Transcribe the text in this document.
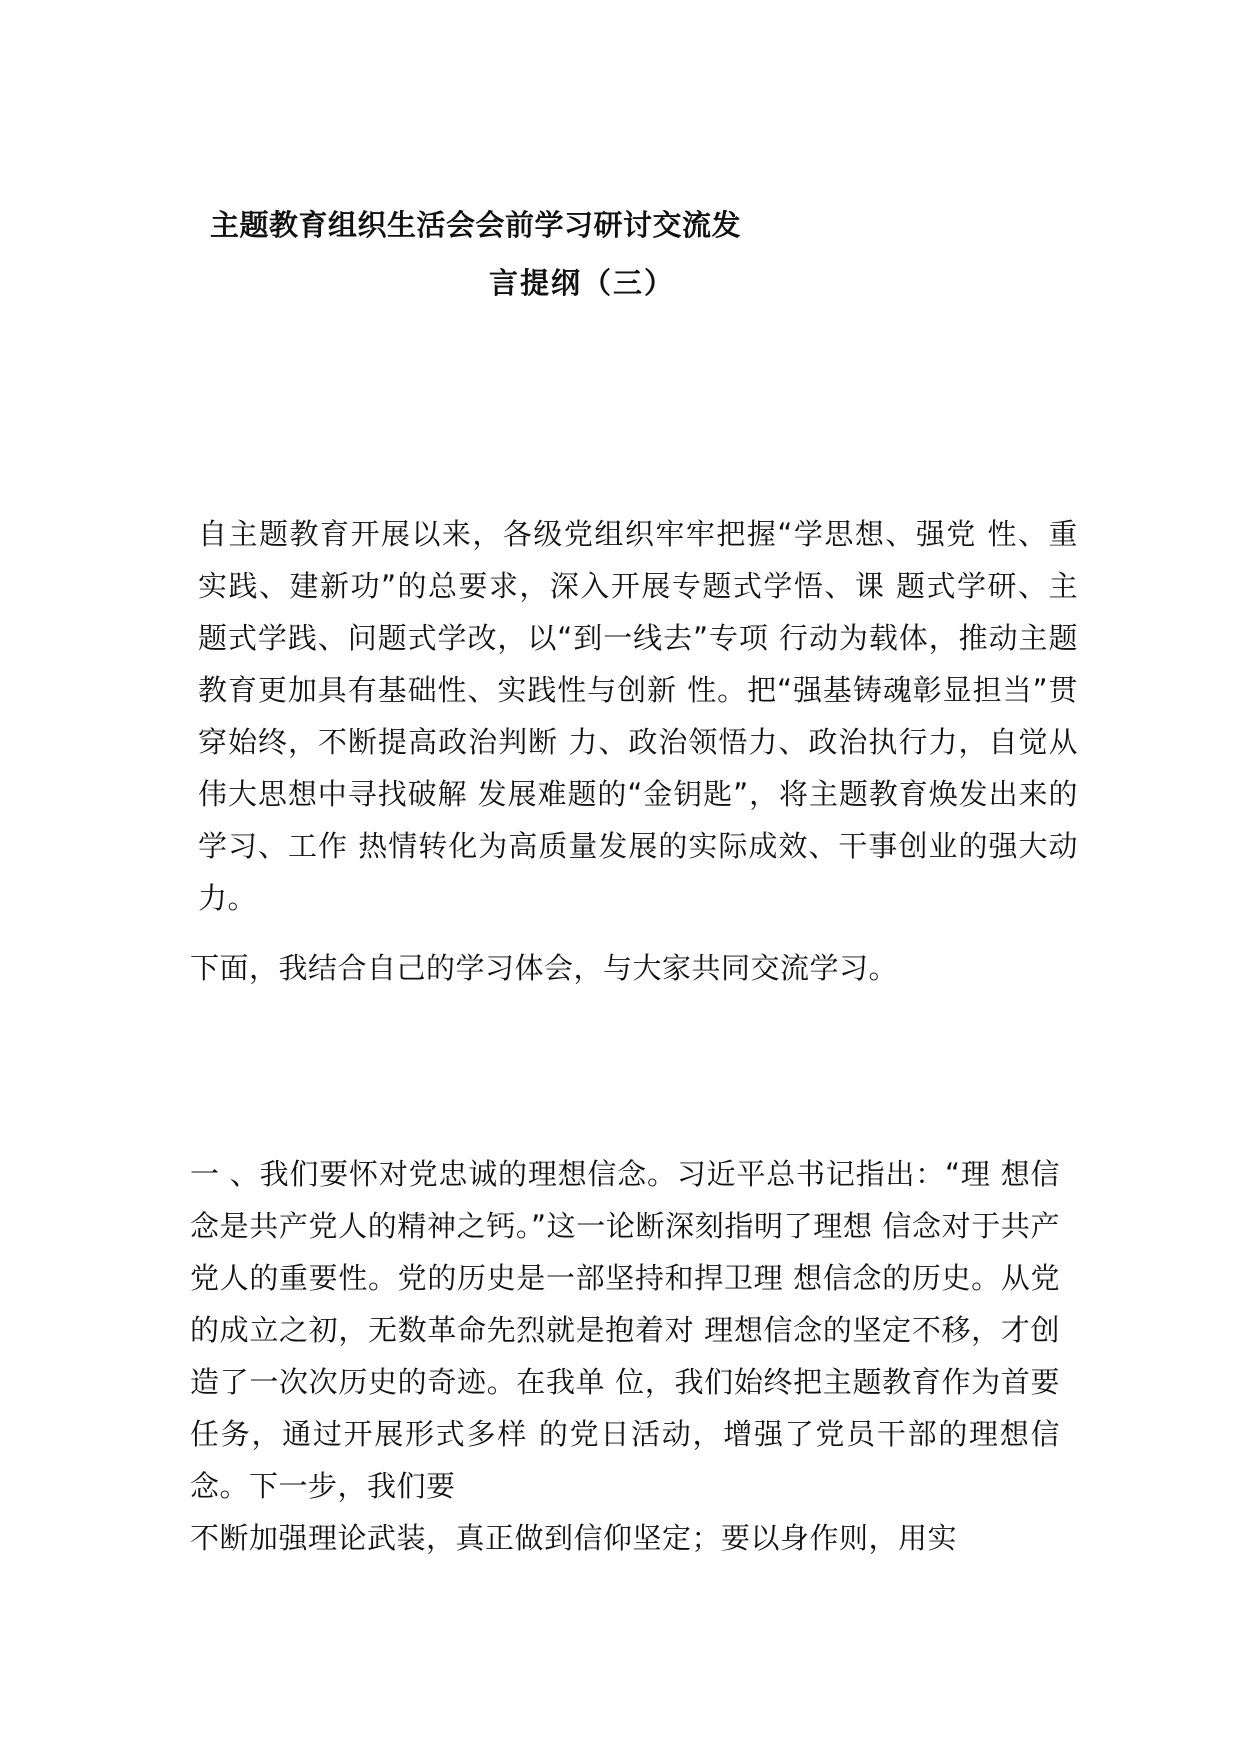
主题教育组织生活会会前学习研讨交流发
言提纲（三）

自主题教育开展以来，各级党组织牢牢把握“学思想、强党 性、重实践、建新功”的总要求，深入开展专题式学悟、课 题式学研、主题式学践、问题式学改，以“到一线去”专项 行动为载体，推动主题教育更加具有基础性、实践性与创新 性。把“强基铸魂彰显担当”贯穿始终，不断提高政治判断 力、政治领悟力、政治执行力，自觉从伟大思想中寻找破解 发展难题的“金钥匙”，将主题教育焕发出来的学习、工作 热情转化为高质量发展的实际成效、干事创业的强大动力。

下面，我结合自己的学习体会，与大家共同交流学习。

一 、我们要怀对党忠诚的理想信念。习近平总书记指出：“理 想信念是共产党人的精神之钙。”这一论断深刻指明了理想 信念对于共产党人的重要性。党的历史是一部坚持和捍卫理 想信念的历史。从党的成立之初，无数革命先烈就是抱着对 理想信念的坚定不移，才创造了一次次历史的奇迹。在我单 位，我们始终把主题教育作为首要任务，通过开展形式多样 的党日活动，增强了党员干部的理想信念。下一步，我们要

不断加强理论武装，真正做到信仰坚定；要以身作则，用实
